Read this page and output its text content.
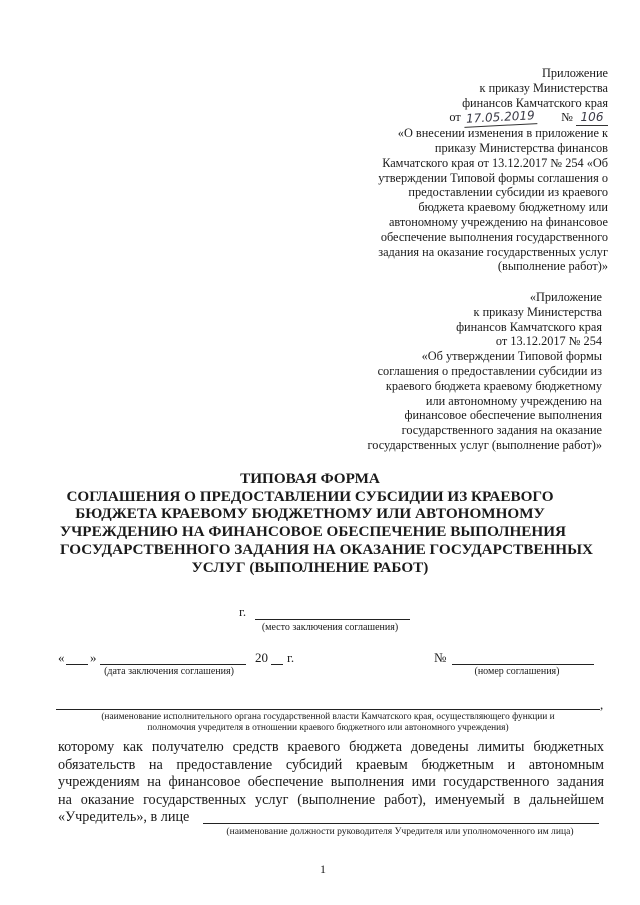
Приложение
к приказу Министерства
финансов Камчатского края
от 17.05.2019 № 106
«О внесении изменения в приложение к
приказу Министерства финансов
Камчатского края от 13.12.2017 № 254 «Об
утверждении Типовой формы соглашения о
предоставлении субсидии из краевого
бюджета краевому бюджетному или
автономному учреждению на финансовое
обеспечение выполнения государственного
задания на оказание государственных услуг
(выполнение работ)»
«Приложение
к приказу Министерства
финансов Камчатского края
от 13.12.2017 № 254
«Об утверждении Типовой формы
соглашения о предоставлении субсидии из
краевого бюджета краевому бюджетному
или автономному учреждению на
финансовое обеспечение выполнения
государственного задания на оказание
государственных услуг (выполнение работ)»
ТИПОВАЯ ФОРМА
СОГЛАШЕНИЯ О ПРЕДОСТАВЛЕНИИ СУБСИДИИ ИЗ КРАЕВОГО
БЮДЖЕТА КРАЕВОМУ БЮДЖЕТНОМУ ИЛИ АВТОНОМНОМУ
УЧРЕЖДЕНИЮ НА ФИНАНСОВОЕ ОБЕСПЕЧЕНИЕ ВЫПОЛНЕНИЯ
ГОСУДАРСТВЕННОГО ЗАДАНИЯ НА ОКАЗАНИЕ ГОСУДАРСТВЕННЫХ
УСЛУГ (ВЫПОЛНЕНИЕ РАБОТ)
г.
(место заключения соглашения)
« »	20 г.
(дата заключения соглашения)
№
(номер соглашения)
,
(наименование исполнительного органа государственной власти Камчатского края, осуществляющего функции и
полномочия учредителя в отношении краевого бюджетного или автономного учреждения)
которому как получателю средств краевого бюджета доведены лимиты бюджетных
обязательств на предоставление субсидий краевым бюджетным и автономным
учреждениям на финансовое обеспечение выполнения ими государственного задания
на оказание государственных услуг (выполнение работ), именуемый в дальнейшем
«Учредитель», в лице
(наименование должности руководителя Учредителя или уполномоченного им лица)
1
